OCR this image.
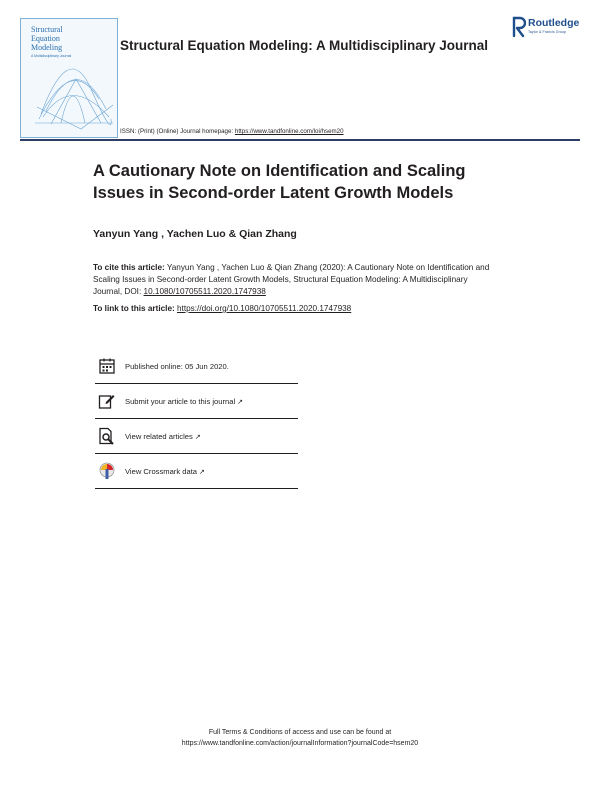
Structural
Equation
Modeling
A Multidisciplinary Journal
Structural Equation Modeling: A Multidisciplinary Journal
Routledge
Taylor & Francis Group
ISSN: (Print) (Online) Journal homepage: https://www.tandfonline.com/loi/hsem20
A Cautionary Note on Identification and Scaling Issues in Second-order Latent Growth Models
Yanyun Yang , Yachen Luo & Qian Zhang
To cite this article: Yanyun Yang , Yachen Luo & Qian Zhang (2020): A Cautionary Note on Identification and Scaling Issues in Second-order Latent Growth Models, Structural Equation Modeling: A Multidisciplinary Journal, DOI: 10.1080/10705511.2020.1747938
To link to this article: https://doi.org/10.1080/10705511.2020.1747938
Published online: 05 Jun 2020.
Submit your article to this journal ↗
View related articles ↗
View Crossmark data ↗
Full Terms & Conditions of access and use can be found at
https://www.tandfonline.com/action/journalInformation?journalCode=hsem20
